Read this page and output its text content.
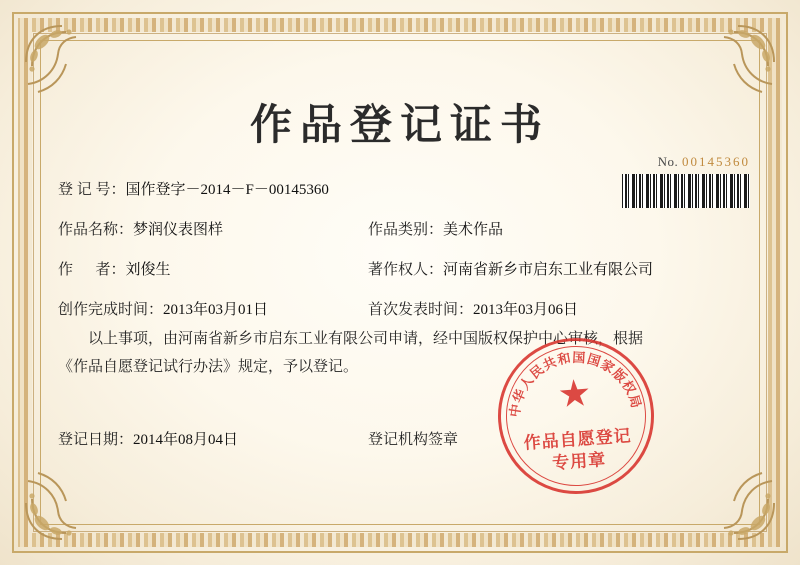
作品登记证书
No. 00145360
登 记 号： 国作登字－2014－F－00145360
作品名称： 梦润仪表图样	作品类别： 美术作品
作 　 者： 刘俊生	著作权人： 河南省新乡市启东工业有限公司
创作完成时间： 2013年03月01日	首次发表时间： 2013年03月06日
以上事项，由河南省新乡市启东工业有限公司申请，经中国版权保护中心审核，根据
《作品自愿登记试行办法》规定，予以登记。
登记日期： 2014年08月04日	登记机构签章
中华人民共和国国家版权局
作品自愿登记
专用章
